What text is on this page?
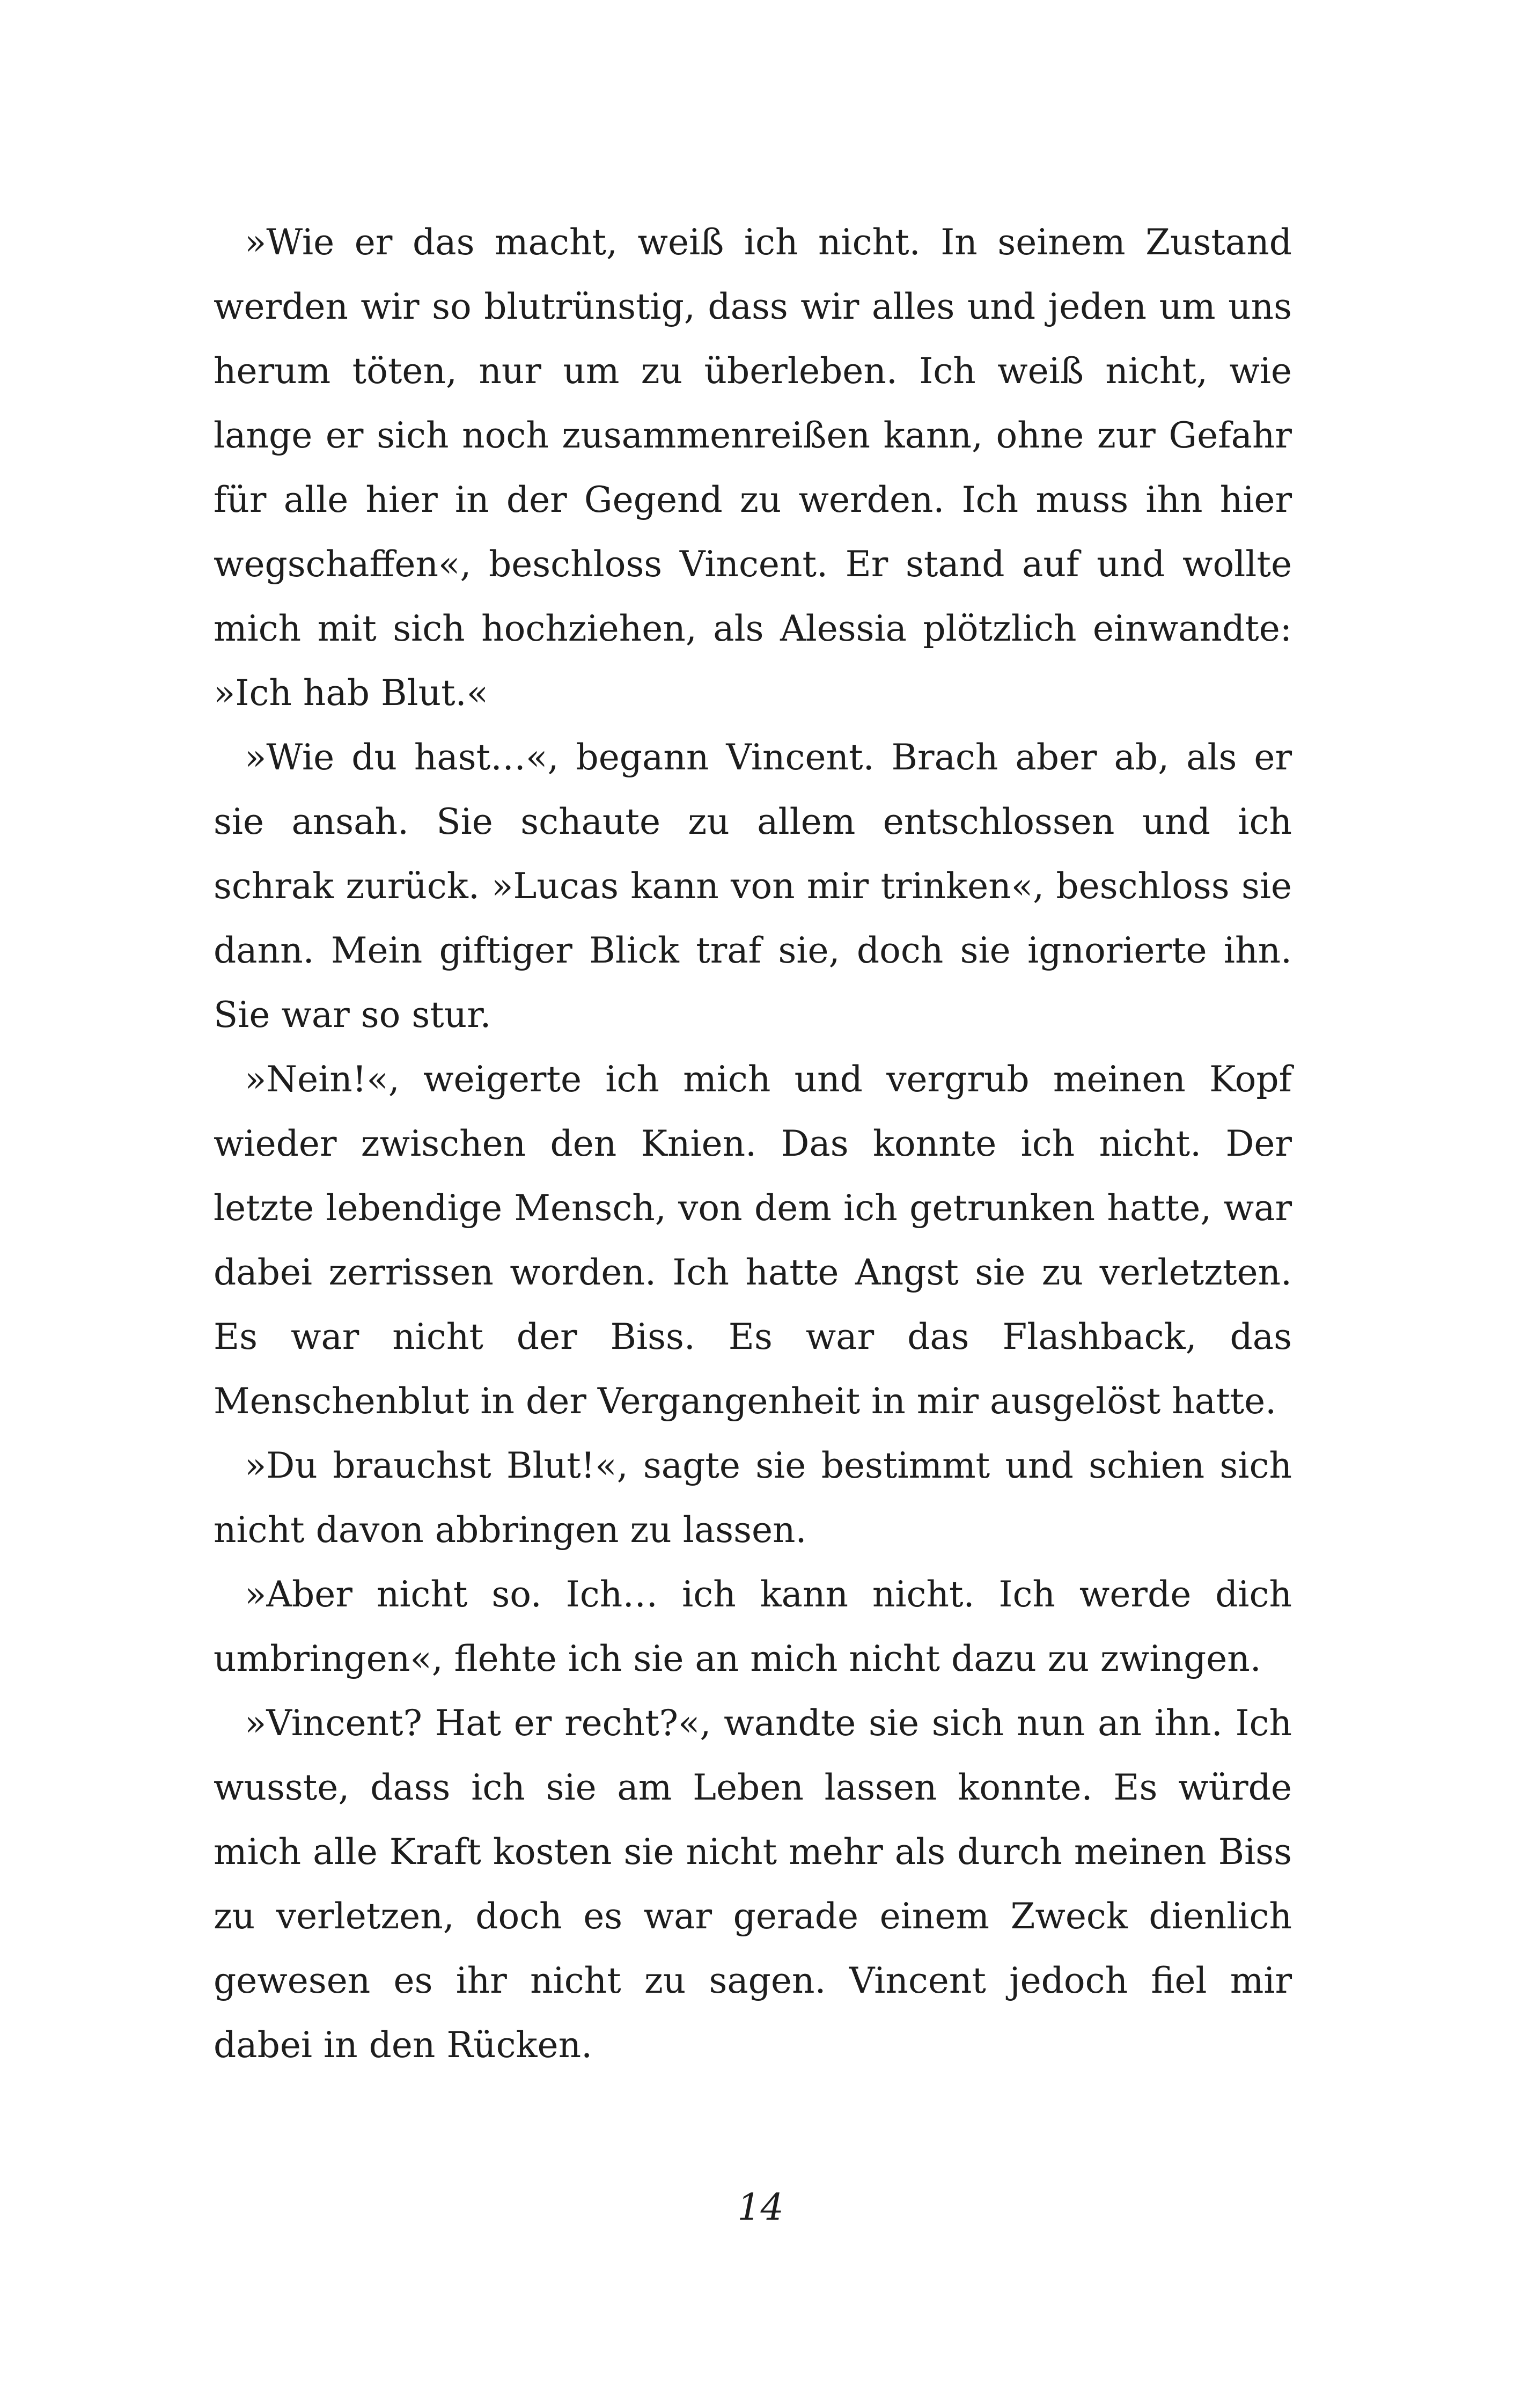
»Wie er das macht, weiß ich nicht. In seinem Zustand werden wir so blutrünstig, dass wir alles und jeden um uns herum töten, nur um zu überleben. Ich weiß nicht, wie lange er sich noch zusammenreißen kann, ohne zur Gefahr für alle hier in der Gegend zu werden. Ich muss ihn hier wegschaffen«, beschloss Vincent. Er stand auf und wollte mich mit sich hochziehen, als Alessia plötzlich einwandte: »Ich hab Blut.«

»Wie du hast…«, begann Vincent. Brach aber ab, als er sie ansah. Sie schaute zu allem entschlossen und ich schrak zurück. »Lucas kann von mir trinken«, beschloss sie dann. Mein giftiger Blick traf sie, doch sie ignorierte ihn. Sie war so stur.

»Nein!«, weigerte ich mich und vergrub meinen Kopf wieder zwischen den Knien. Das konnte ich nicht. Der letzte lebendige Mensch, von dem ich getrunken hatte, war dabei zerrissen worden. Ich hatte Angst sie zu verletzten. Es war nicht der Biss. Es war das Flashback, das Menschenblut in der Vergangenheit in mir ausgelöst hatte.

»Du brauchst Blut!«, sagte sie bestimmt und schien sich nicht davon abbringen zu lassen.

»Aber nicht so. Ich… ich kann nicht. Ich werde dich umbringen«, flehte ich sie an mich nicht dazu zu zwingen.

»Vincent? Hat er recht?«, wandte sie sich nun an ihn. Ich wusste, dass ich sie am Leben lassen konnte. Es würde mich alle Kraft kosten sie nicht mehr als durch meinen Biss zu verletzen, doch es war gerade einem Zweck dienlich gewesen es ihr nicht zu sagen. Vincent jedoch fiel mir dabei in den Rücken.

14
